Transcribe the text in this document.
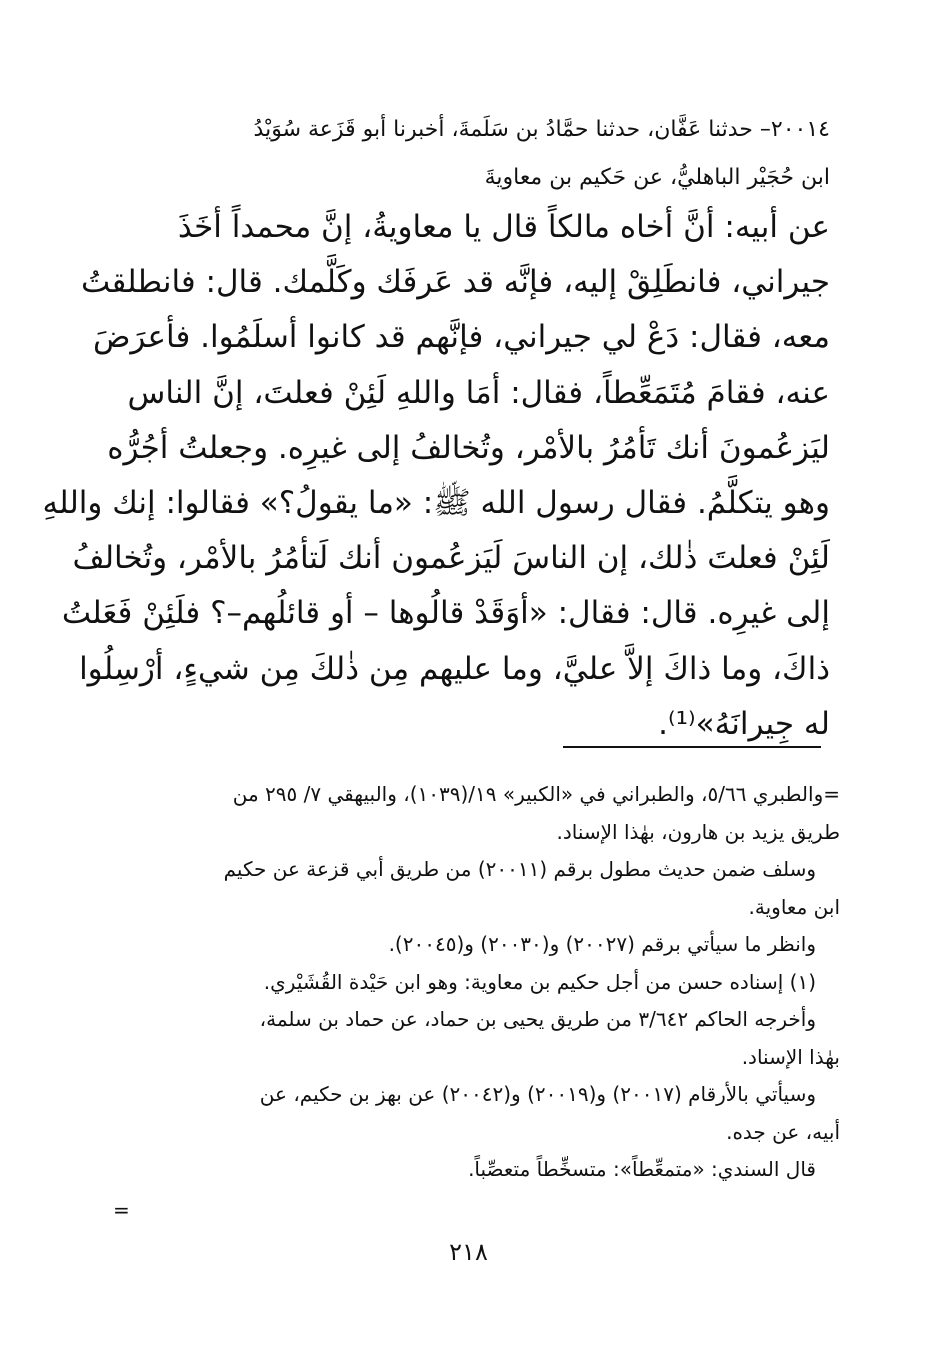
٢٠٠١٤– حدثنا عَفَّان، حدثنا حمَّادُ بن سَلَمةَ، أخبرنا أبو قَزَعة سُوَيْدُ
ابن حُجَيْر الباهليُّ، عن حَكيم بن معاويةَ
عن أبيه: أنَّ أخاه مالكاً قال يا معاويةُ، إنَّ محمداً أخَذَ
جيراني، فانطَلِقْ إليه، فإنَّه قد عَرفَك وكَلَّمك. قال: فانطلقتُ
معه، فقال: دَعْ لي جيراني، فإنَّهم قد كانوا أسلَمُوا. فأعرَضَ
عنه، فقامَ مُتَمَعِّطاً، فقال: أمَا واللهِ لَئِنْ فعلتَ، إنَّ الناس
ليَزعُمونَ أنك تَأمُرُ بالأمْر، وتُخالفُ إلى غيرِه. وجعلتُ أجُرُّه
وهو يتكلَّمُ. فقال رسول الله ﷺ: «ما يقولُ؟» فقالوا: إنك واللهِ
لَئِنْ فعلتَ ذٰلك، إن الناسَ لَيَزعُمون أنك لَتأمُرُ بالأمْر، وتُخالفُ
إلى غيرِه. قال: فقال: «أوَقَدْ قالُوها – أو قائلُهم–؟ فلَئِنْ فَعَلتُ
ذاكَ، وما ذاكَ إلاَّ عليَّ، وما عليهم مِن ذٰلكَ مِن شيءٍ، أرْسِلُوا
له جِيرانَهُ»⁽¹⁾.
=والطبري ٥/٦٦، والطبراني في «الكبير» ١٩/(١٠٣٩)، والبيهقي ٧/ ٢٩٥ من
طريق يزيد بن هارون، بهٰذا الإسناد.
وسلف ضمن حديث مطول برقم (٢٠٠١١) من طريق أبي قزعة عن حكيم
ابن معاوية.
وانظر ما سيأتي برقم (٢٠٠٢٧) و(٢٠٠٣٠) و(٢٠٠٤٥).
(١) إسناده حسن من أجل حكيم بن معاوية: وهو ابن حَيْدة القُشَيْري.
وأخرجه الحاكم ٣/٦٤٢ من طريق يحيى بن حماد، عن حماد بن سلمة،
بهٰذا الإسناد.
وسيأتي بالأرقام (٢٠٠١٧) و(٢٠٠١٩) و(٢٠٠٤٢) عن بهز بن حكيم، عن
أبيه، عن جده.
قال السندي: «متمعِّطاً»: متسخِّطاً متعصِّباً.
=
٢١٨
